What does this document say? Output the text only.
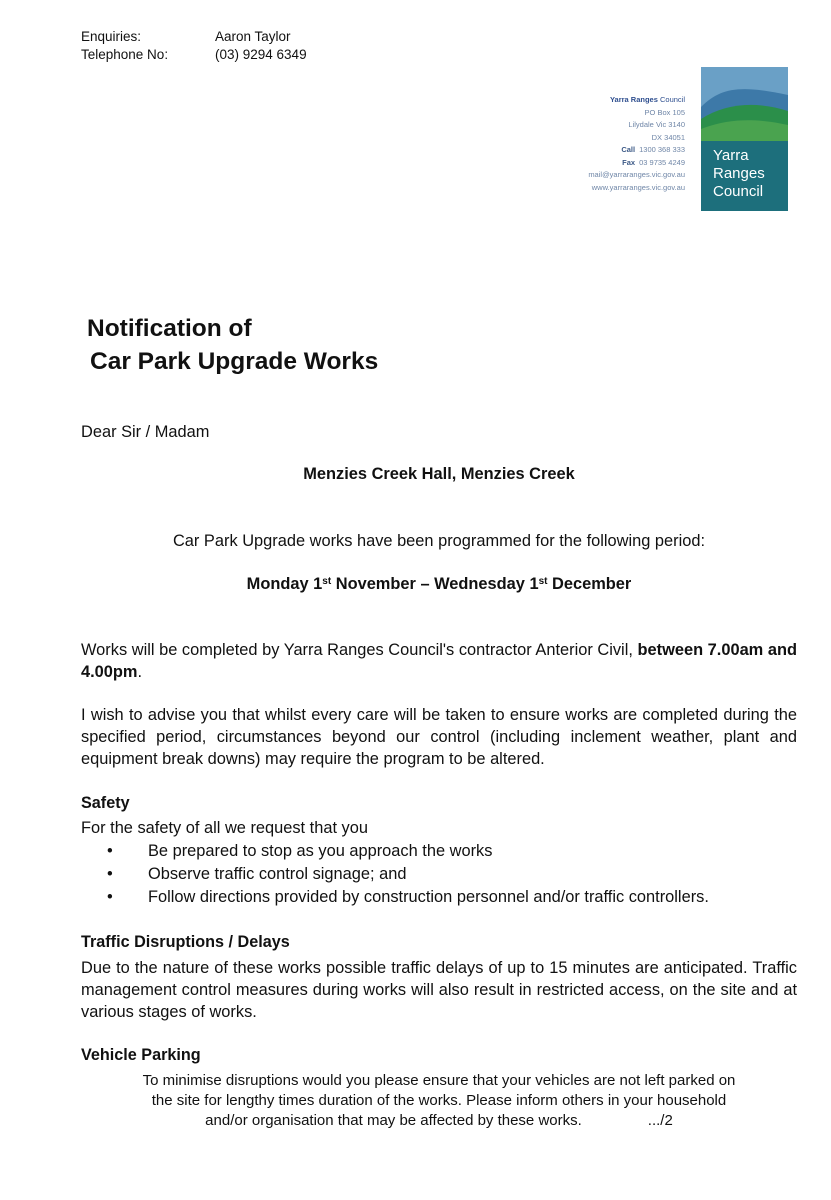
Enquiries:	Aaron Taylor
Telephone No:	(03) 9294 6349
Yarra Ranges Council
PO Box 105
Lilydale Vic 3140
DX 34051
Call 1300 368 333
Fax 03 9735 4249
mail@yarraranges.vic.gov.au
www.yarraranges.vic.gov.au
Yarra
Ranges
Council
Notification of
Car Park Upgrade Works
Dear Sir / Madam
Menzies Creek Hall, Menzies Creek
Car Park Upgrade works have been programmed for the following period:
Monday 1st November – Wednesday 1st December
Works will be completed by Yarra Ranges Council's contractor Anterior Civil, between 7.00am and 4.00pm.
I wish to advise you that whilst every care will be taken to ensure works are completed during the specified period, circumstances beyond our control (including inclement weather, plant and equipment break downs) may require the program to be altered.
Safety
For the safety of all we request that you
• Be prepared to stop as you approach the works
• Observe traffic control signage; and
• Follow directions provided by construction personnel and/or traffic controllers.
Traffic Disruptions / Delays
Due to the nature of these works possible traffic delays of up to 15 minutes are anticipated. Traffic management control measures during works will also result in restricted access, on the site and at various stages of works.
Vehicle Parking
To minimise disruptions would you please ensure that your vehicles are not left parked on
the site for lengthy times duration of the works. Please inform others in your household
and/or organisation that may be affected by these works.	.../2
